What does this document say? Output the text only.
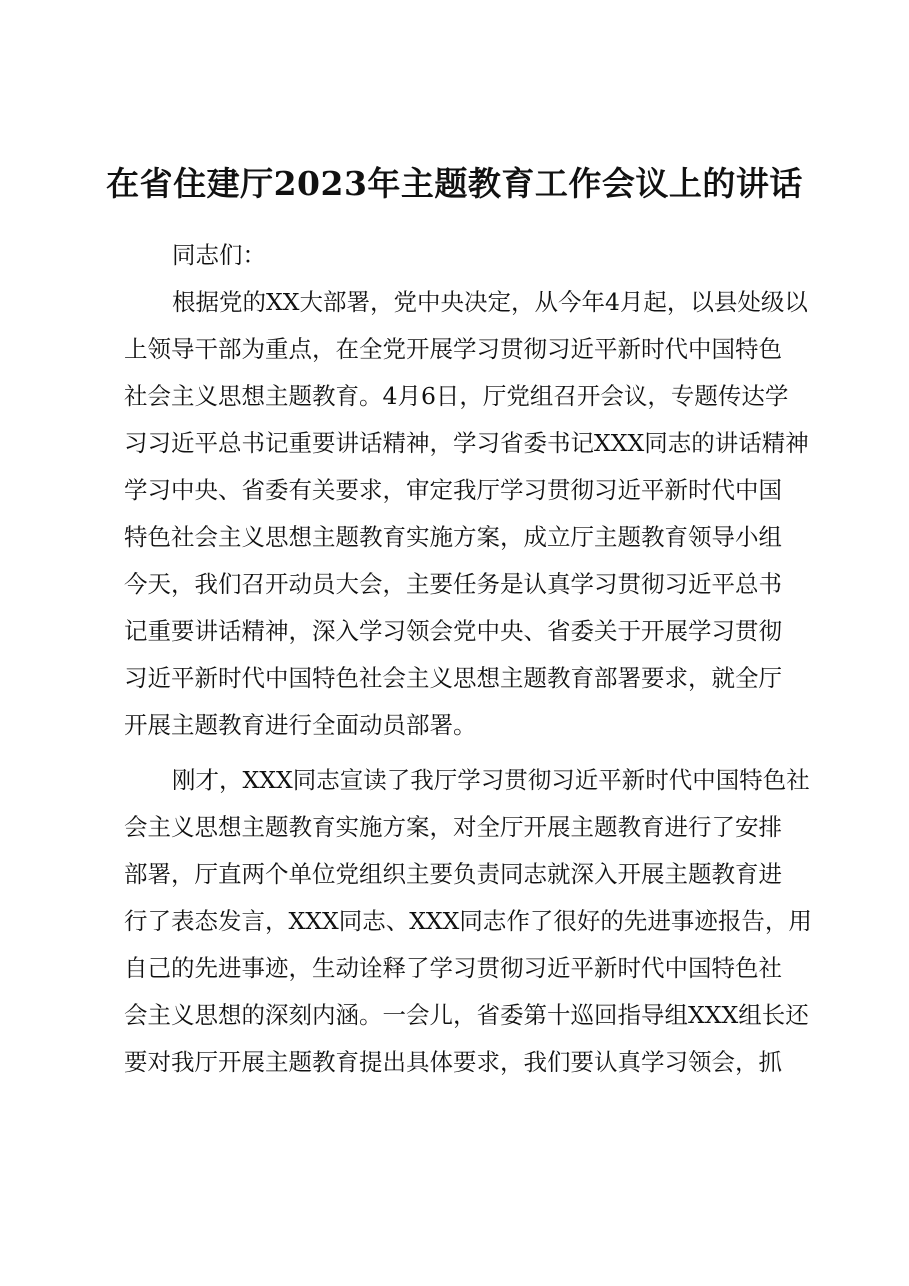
在省住建厅2023年主题教育工作会议上的讲话
同志们：
根据党的XX大部署，党中央决定，从今年4月起，以县处级以
上领导干部为重点，在全党开展学习贯彻习近平新时代中国特色
社会主义思想主题教育。4月6日，厅党组召开会议，专题传达学
习习近平总书记重要讲话精神，学习省委书记XXX同志的讲话精神
学习中央、省委有关要求，审定我厅学习贯彻习近平新时代中国
特色社会主义思想主题教育实施方案，成立厅主题教育领导小组
今天，我们召开动员大会，主要任务是认真学习贯彻习近平总书
记重要讲话精神，深入学习领会党中央、省委关于开展学习贯彻
习近平新时代中国特色社会主义思想主题教育部署要求，就全厅
开展主题教育进行全面动员部署。
刚才，XXX同志宣读了我厅学习贯彻习近平新时代中国特色社
会主义思想主题教育实施方案，对全厅开展主题教育进行了安排
部署，厅直两个单位党组织主要负责同志就深入开展主题教育进
行了表态发言，XXX同志、XXX同志作了很好的先进事迹报告，用
自己的先进事迹，生动诠释了学习贯彻习近平新时代中国特色社
会主义思想的深刻内涵。一会儿，省委第十巡回指导组XXX组长还
要对我厅开展主题教育提出具体要求，我们要认真学习领会，抓
